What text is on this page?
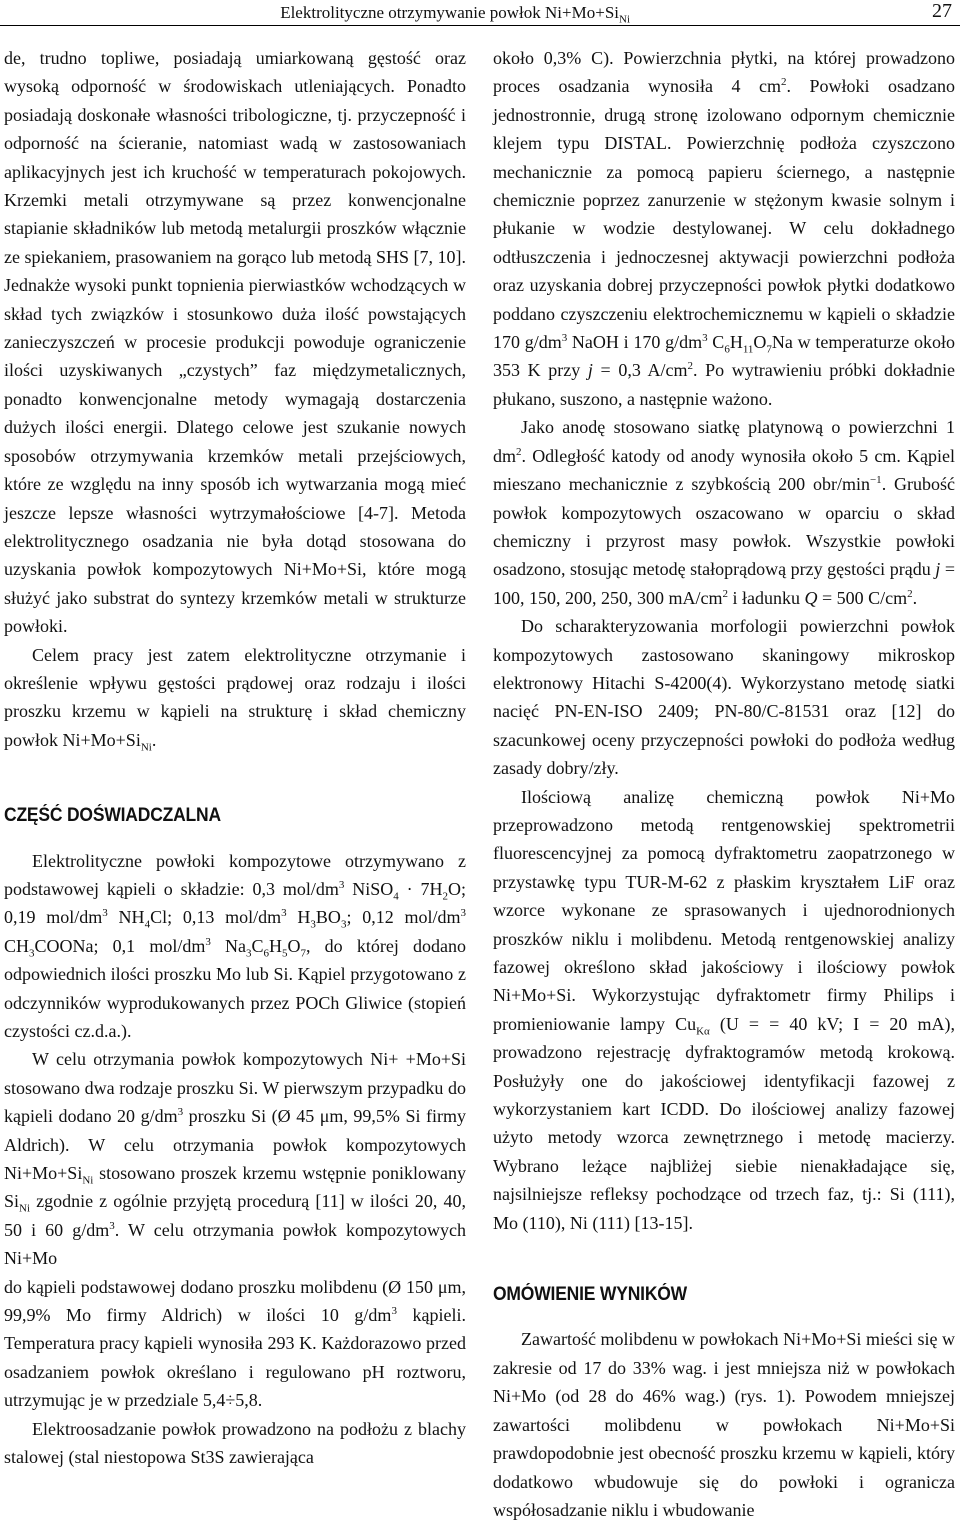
Elektrolityczne otrzymywanie powłok $Ni+Mo+Si_{Ni}$	27

de, trudno topliwe, posiadają umiarkowaną gęstość oraz wysoką odporność w środowiskach utleniających. Ponadto posiadają doskonałe własności tribologiczne, tj. przyczepność i odporność na ścieranie, natomiast wadą w zastosowaniach aplikacyjnych jest ich kruchość w temperaturach pokojowych. Krzemki metali otrzymywane są przez konwencjonalne stapianie składników lub metodą metalurgii proszków włącznie ze spiekaniem, prasowaniem na gorąco lub metodą SHS [7, 10]. Jednakże wysoki punkt topnienia pierwiastków wchodzących w skład tych związków i stosunkowo duża ilość powstających zanieczyszczeń w procesie produkcji powoduje ograniczenie ilości uzyskiwanych „czystych” faz międzymetalicznych, ponadto konwencjonalne metody wymagają dostarczenia dużych ilości energii. Dlatego celowe jest szukanie nowych sposobów otrzymywania krzemków metali przejściowych, które ze względu na inny sposób ich wytwarzania mogą mieć jeszcze lepsze własności wytrzymałościowe [4-7]. Metoda elektrolitycznego osadzania nie była dotąd stosowana do uzyskania powłok kompozytowych Ni+Mo+Si, które mogą służyć jako substrat do syntezy krzemków metali w strukturze powłoki.

Celem pracy jest zatem elektrolityczne otrzymanie i określenie wpływu gęstości prądowej oraz rodzaju i ilości proszku krzemu w kąpieli na strukturę i skład chemiczny powłok $Ni+Mo+Si_{Ni}$.

CZĘŚĆ DOŚWIADCZALNA

Elektrolityczne powłoki kompozytowe otrzymywano z podstawowej kąpieli o składzie: 0,3 mol/$dm^3$ NiSO$_4$ · $7H_2O$; 0,19 mol/$dm^3$ $NH_4Cl$; 0,13 mol/$dm^3$ $H_3BO_3$; 0,12 mol/$dm^3$ $CH_3COONa$; 0,1 mol/$dm^3$ $Na_3C_6H_5O_7$, do której dodano odpowiednich ilości proszku Mo lub Si. Kąpiel przygotowano z odczynników wyprodukowanych przez POCh Gliwice (stopień czystości cz.d.a.).

W celu otrzymania powłok kompozytowych Ni+ +Mo+Si stosowano dwa rodzaje proszku Si. W pierwszym przypadku do kąpieli dodano 20 $g/dm^3$ proszku Si (Ø 45 μm, 99,5% Si firmy Aldrich). W celu otrzymania powłok kompozytowych $Ni+Mo+Si_{Ni}$ stosowano proszek krzemu wstępnie poniklowany $Si_{Ni}$ zgodnie z ogólnie przyjętą procedurą [11] w ilości 20, 40, 50 i 60 $g/dm^3$. W celu otrzymania powłok kompozytowych Ni+Mo

do kąpieli podstawowej dodano proszku molibdenu (Ø 150 μm, 99,9% Mo firmy Aldrich) w ilości 10 $g/dm^3$ kąpieli. Temperatura pracy kąpieli wynosiła 293 K. Każdorazowo przed osadzaniem powłok określano i regulowano pH roztworu, utrzymując je w przedziale 5,4÷5,8.

Elektroosadzanie powłok prowadzono na podłożu z blachy stalowej (stal niestopowa St3S zawierająca

około 0,3% C). Powierzchnia płytki, na której prowadzono proces osadzania wynosiła 4 $cm^2$. Powłoki osadzano jednostronnie, drugą stronę izolowano odpornym chemicznie klejem typu DISTAL. Powierzchnię podłoża czyszczono mechanicznie za pomocą papieru ściernego, a następnie chemicznie poprzez zanurzenie w stężonym kwasie solnym i płukanie w wodzie destylowanej. W celu dokładnego odtłuszczenia i jednoczesnej aktywacji powierzchni podłoża oraz uzyskania dobrej przyczepności powłok płytki dodatkowo poddano czyszczeniu elektrochemicznemu w kąpieli o składzie 170 $g/dm^3$ NaOH i 170 $g/dm^3$ $C_6H_{11}O_7Na$ w temperaturze około 353 K przy j = 0,3 $A/cm^2$. Po wytrawieniu próbki dokładnie płukano, suszono, a następnie ważono.

Jako anodę stosowano siatkę platynową o powierzchni 1 $dm^2$. Odległość katody od anody wynosiła około 5 cm. Kąpiel mieszano mechanicznie z szybkością 200 obr/$\min^{-1}$. Grubość powłok kompozytowych oszacowano w oparciu o skład chemiczny i przyrost masy powłok. Wszystkie powłoki osadzono, stosując metodę stałoprądową przy gęstości prądu j = 100, 150, 200, 250, 300 $mA/cm^2$ i ładunku Q = 500 $C/cm^2$.

Do scharakteryzowania morfologii powierzchni powłok kompozytowych zastosowano skaningowy mikroskop elektronowy Hitachi S-4200(4). Wykorzystano metodę siatki nacięć PN-EN-ISO 2409; PN-80/C-81531 oraz [12] do szacunkowej oceny przyczepności powłoki do podłoża według zasady dobry/zły.

Ilościową analizę chemiczną powłok Ni+Mo przeprowadzono metodą rentgenowskiej spektrometrii fluorescencyjnej za pomocą dyfraktometru zaopatrzonego w przystawkę typu TUR-M-62 z płaskim kryształem LiF oraz wzorce wykonane ze sprasowanych i ujednorodnionych proszków niklu i molibdenu. Metodą rentgenowskiej analizy fazowej określono skład jakościowy i ilościowy powłok Ni+Mo+Si. Wykorzystując dyfraktometr firmy Philips i promieniowanie lampy $Cu_{K\alpha}$ (U = = 40 kV; I = 20 mA), prowadzono rejestrację dyfraktogramów metodą krokową. Posłużyły one do jakościowej identyfikacji fazowej z wykorzystaniem kart ICDD. Do ilościowej analizy fazowej użyto metody wzorca zewnętrznego i metodę macierzy. Wybrano leżące najbliżej siebie nienakładające się, najsilniejsze refleksy pochodzące od trzech faz, tj.: Si (111), Mo (110), Ni (111) [13-15].

OMÓWIENIE WYNIKÓW

Zawartość molibdenu w powłokach Ni+Mo+Si mieści się w zakresie od 17 do 33% wag. i jest mniejsza niż w powłokach Ni+Mo (od 28 do 46% wag.) (rys. 1). Powodem mniejszej zawartości molibdenu w powłokach Ni+Mo+Si prawdopodobnie jest obecność proszku krzemu w kąpieli, który dodatkowo wbudowuje się do powłoki i ogranicza współosadzanie niklu i wbudowanie
